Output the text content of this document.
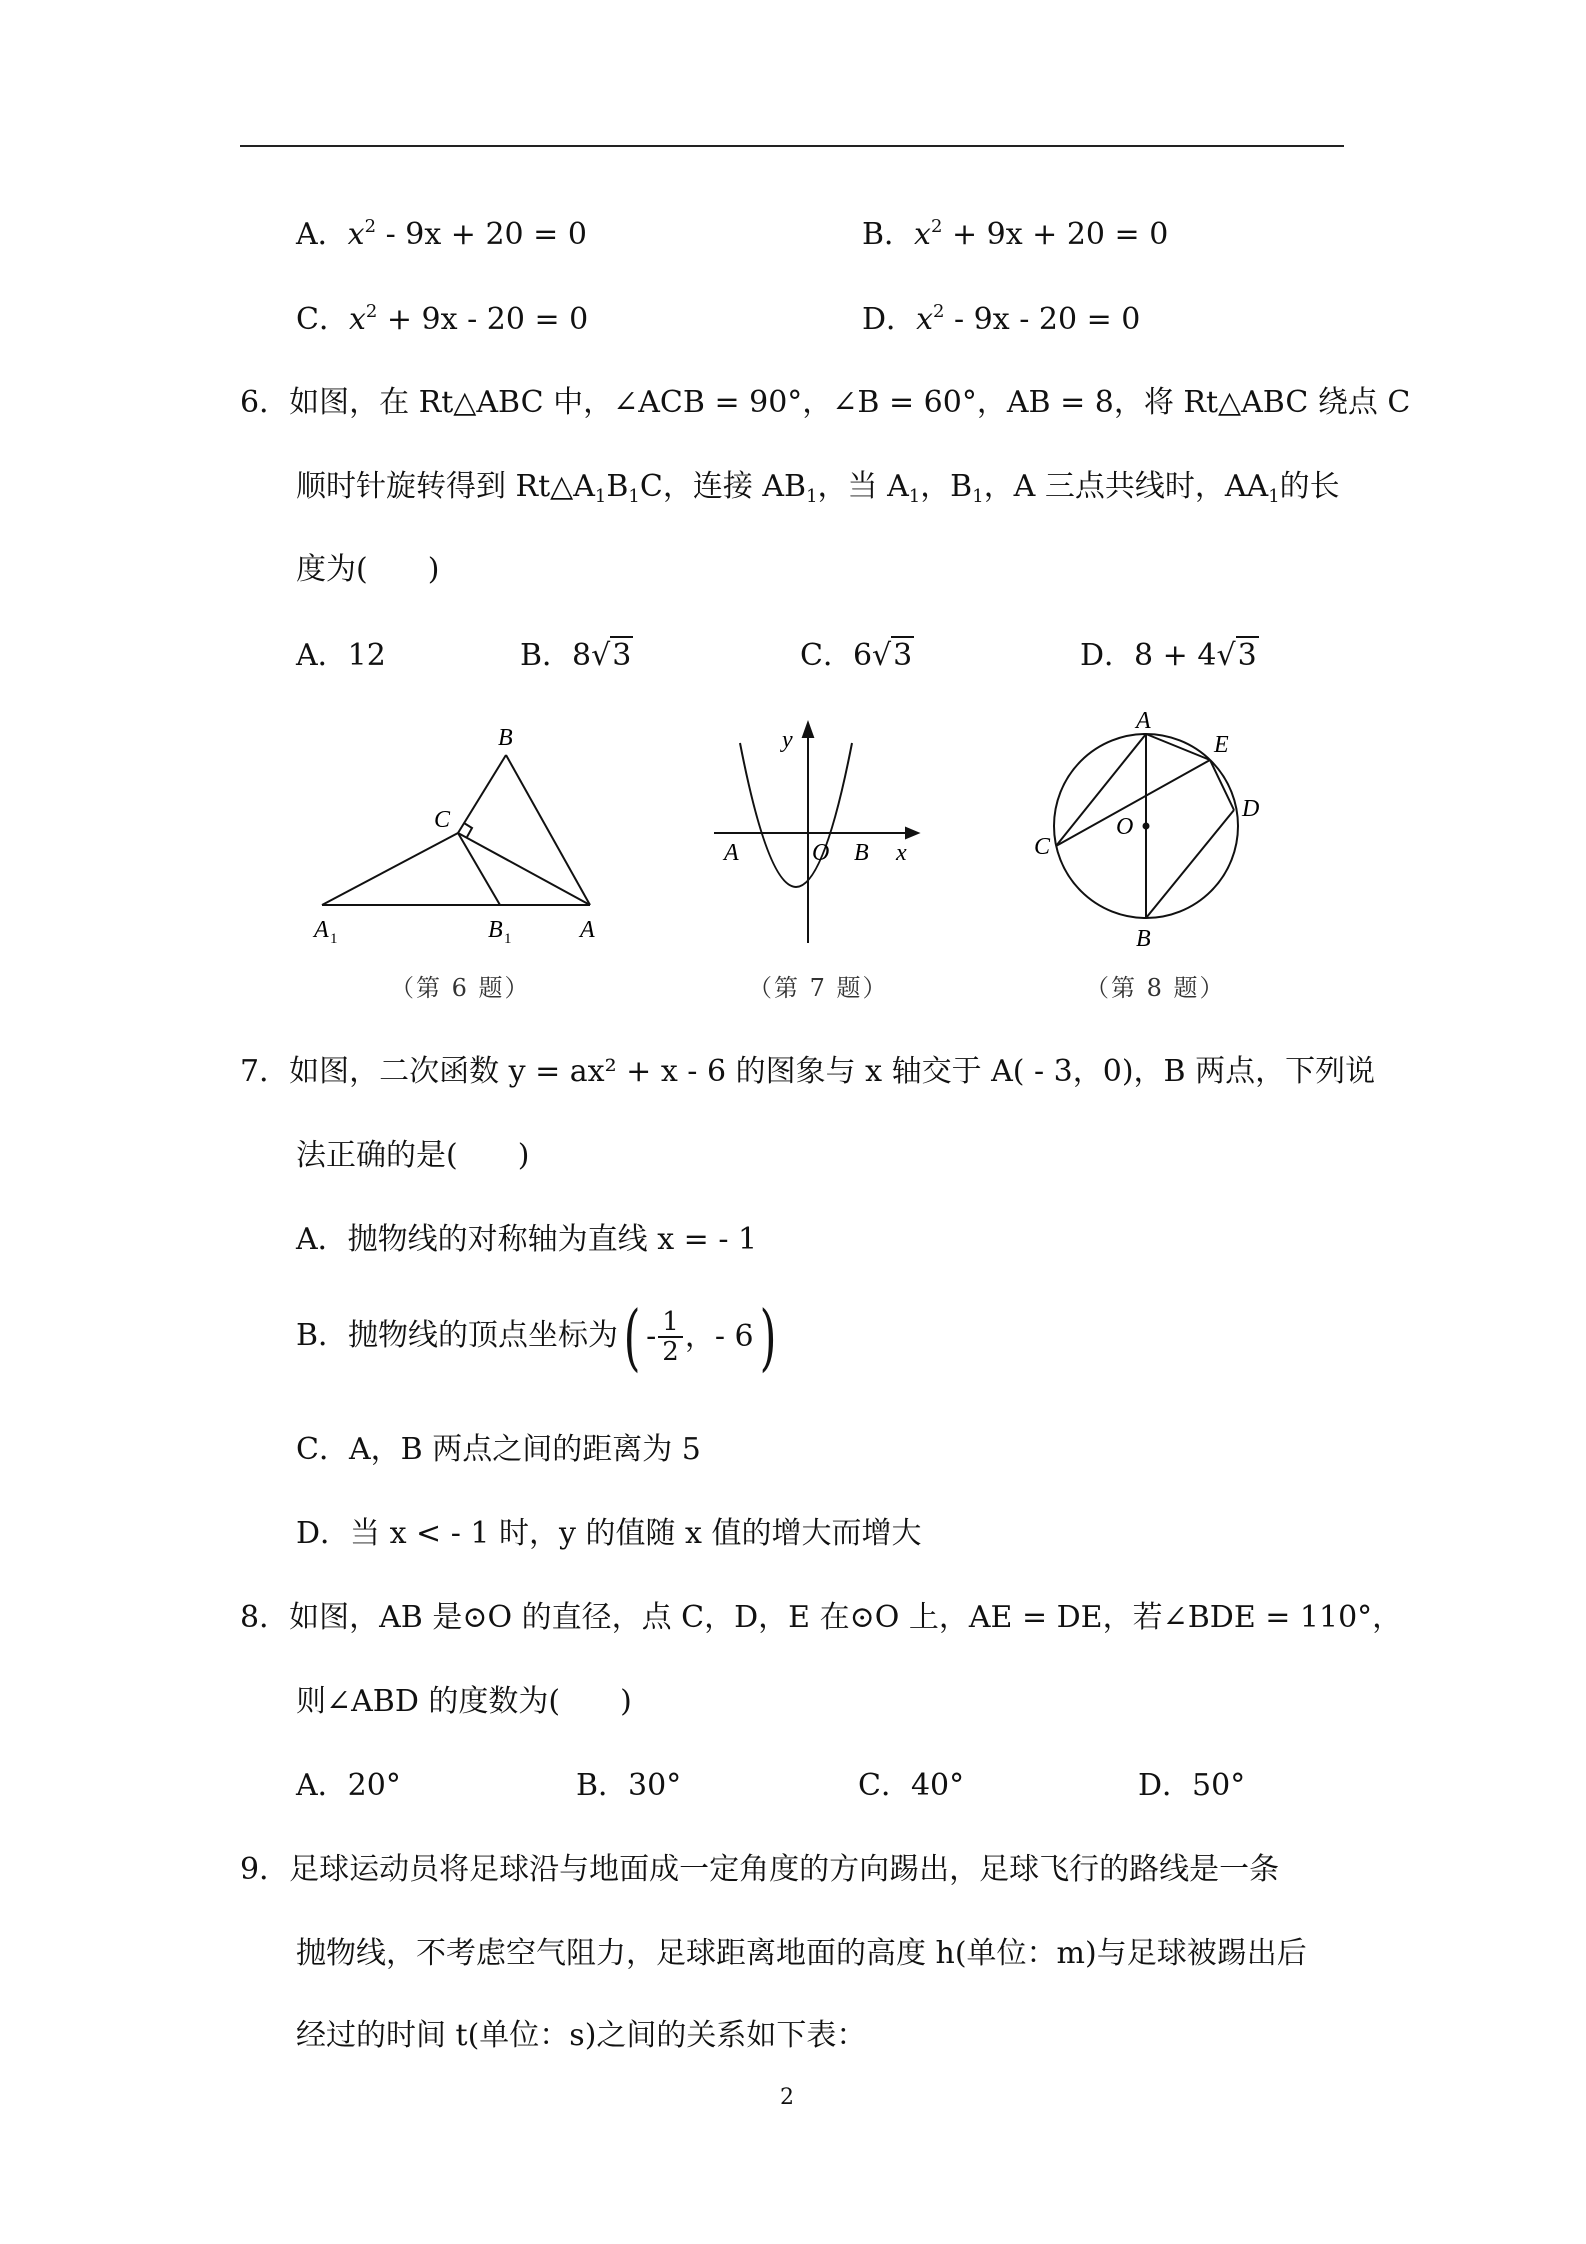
A．$x^2 - 9x + 20 = 0$	B．$x^2 + 9x + 20 = 0$
C．$x^2 + 9x - 20 = 0$	D．$x^2 - 9x - 20 = 0$
6．如图，在 Rt△ABC 中，∠ACB = 90°，∠B = 60°，AB = 8，将 Rt△ABC 绕点 C
顺时针旋转得到 $Rt\triangle A_1B_1C$，连接 $AB_1$，当 $A_1$，$B_1$，A 三点共线时，$AA_1$的长
度为(　　)
A．12	B．8√3	C．6√3	D．8 + 4√3
B
C
A 1	B 1	A
（第 6 题）
y
x
A	O B
（第 7 题）
A
E
D
C
O
B
（第 8 题）
7．如图，二次函数 y = ax² + x - 6 的图象与 x 轴交于 A( - 3，0)，B 两点，下列说
法正确的是(　　)
A．抛物线的对称轴为直线 x = - 1
B．抛物线的顶点坐标为 ( - $\frac{1}{2}$ ，- 6 )
C．A，B 两点之间的距离为 5
D．当 x < - 1 时，y 的值随 x 值的增大而增大
8．如图，AB 是⊙O 的直径，点 C，D，E 在⊙O 上，AE = DE，若∠BDE = 110°，
则∠ABD 的度数为(　　)
A．20°	B．30°	C．40°	D．50°
9．足球运动员将足球沿与地面成一定角度的方向踢出，足球飞行的路线是一条
抛物线，不考虑空气阻力，足球距离地面的高度 h(单位：m)与足球被踢出后
经过的时间 t(单位：s)之间的关系如下表：
2
